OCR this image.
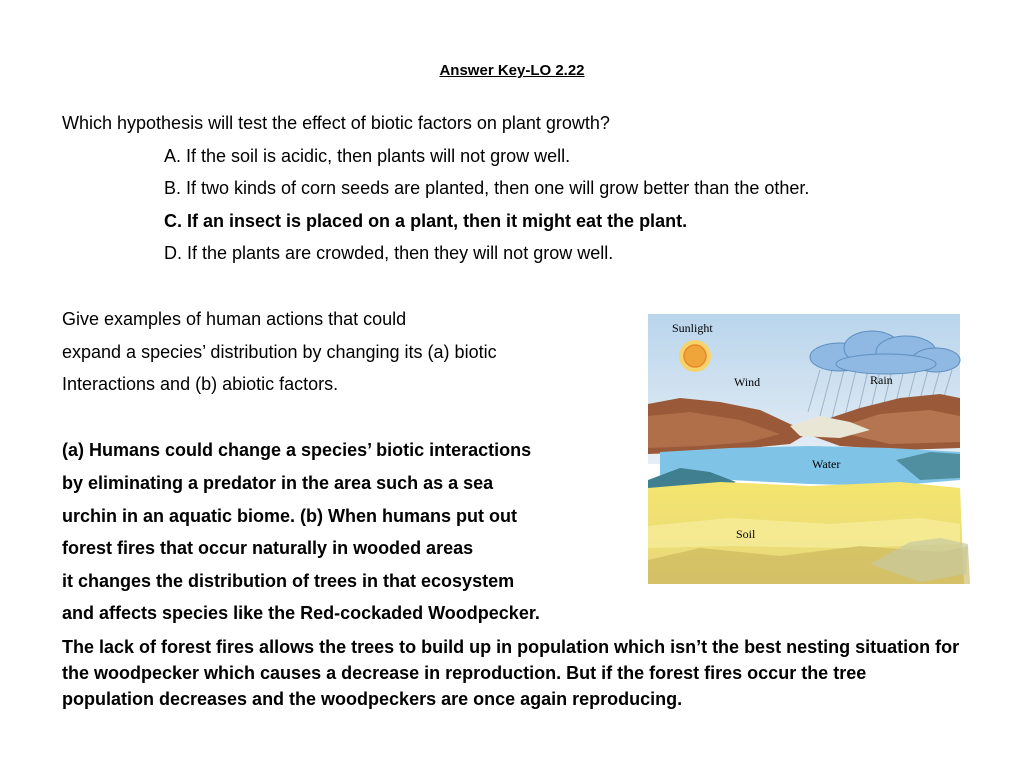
Answer Key-LO 2.22
Which hypothesis will test the effect of biotic factors on plant growth?
A. If the soil is acidic, then plants will not grow well.
B. If two kinds of corn seeds are planted, then one will grow better than the other.
C. If an insect is placed on a plant, then it might eat the plant.
D. If the plants are crowded, then they will not grow well.
Give examples of human actions that could
expand a species’ distribution by changing its (a) biotic
Interactions and (b) abiotic factors.
(a) Humans could change a species’ biotic interactions
by eliminating a predator in the area such as a sea
urchin in an aquatic biome. (b) When humans put out
forest fires that occur naturally in wooded areas
it changes the distribution of trees in that ecosystem
and affects species like the Red-cockaded Woodpecker.
The lack of forest fires allows the trees to build up in population which isn’t the best nesting situation for the woodpecker which causes a decrease in reproduction. But if the forest fires occur the tree population decreases and the woodpeckers are once again reproducing.
Sunlight
Wind	Rain
Water
Soil
